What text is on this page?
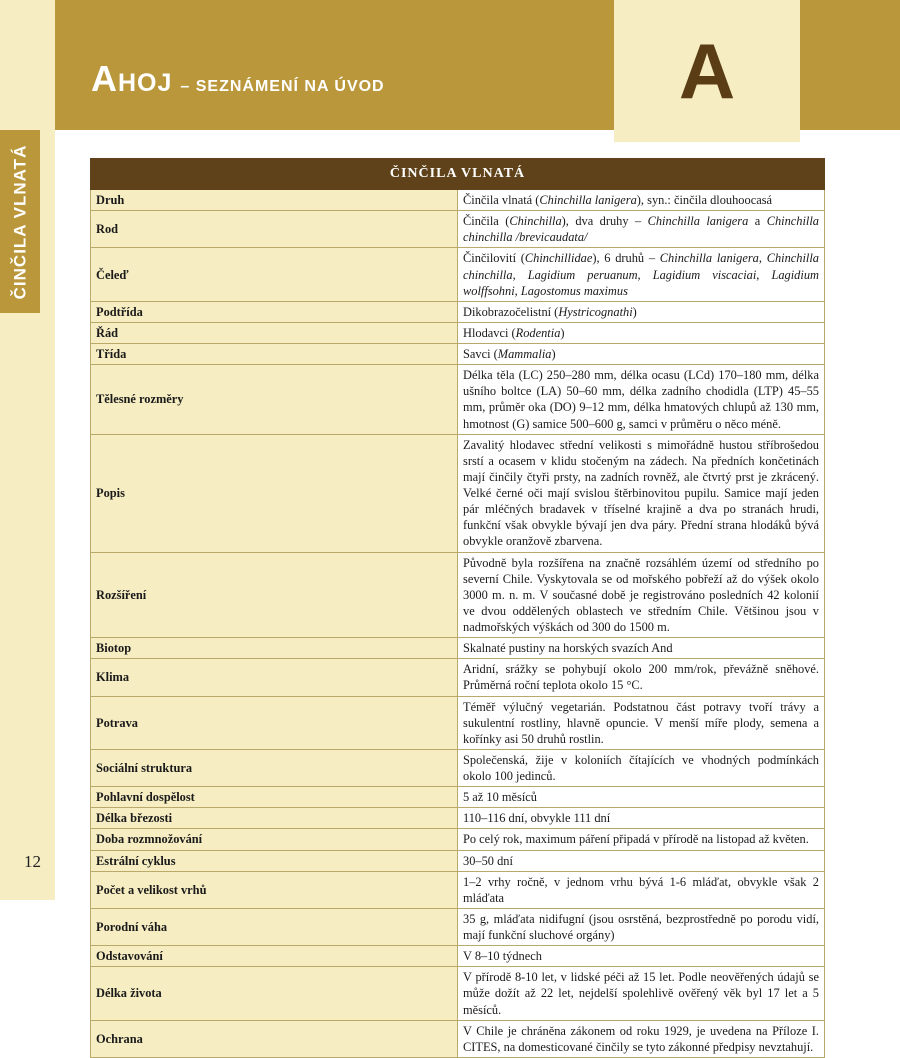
ČINČILA VLNATÁ
Ahoj – SEZNÁMENÍ NA ÚVOD	A
ČINČILA VLNATÁ	
Druh	Činčila vlnatá (Chinchilla lanigera), syn.: činčila dlouhoocasá
Rod	Činčila (Chinchilla), dva druhy – Chinchilla lanigera a Chinchilla chinchilla /brevicaudata/
Čeleď	Činčilovití (Chinchillidae), 6 druhů – Chinchilla lanigera, Chinchilla chinchilla, Lagidium peruanum, Lagidium viscaciai, Lagidium wolffsohni, Lagostomus maximus
Podtřída	Dikobrazočelistní (Hystricognathi)
Řád	Hlodavci (Rodentia)
Třída	Savci (Mammalia)
Tělesné rozměry	Délka těla (LC) 250–280 mm, délka ocasu (LCd) 170–180 mm, délka ušního boltce (LA) 50–60 mm, délka zadního chodidla (LTP) 45–55 mm, průměr oka (DO) 9–12 mm, délka hmatových chlupů až 130 mm, hmotnost (G) samice 500–600 g, samci v průměru o něco méně.
Popis	Zavalitý hlodavec střední velikosti s mimořádně hustou stříbrošedou srstí a ocasem v klidu stočeným na zádech. Na předních končetinách mají činčily čtyři prsty, na zadních rovněž, ale čtvrtý prst je zkrácený. Velké černé oči mají svislou štěrbinovitou pupilu. Samice mají jeden pár mléčných bradavek v tříselné krajině a dva po stranách hrudi, funkční však obvykle bývají jen dva páry. Přední strana hlodáků bývá obvykle oranžově zbarvena.
Rozšíření	Původně byla rozšířena na značně rozsáhlém území od středního po severní Chile. Vyskytovala se od mořského pobřeží až do výšek okolo 3000 m. n. m. V současné době je registrováno posledních 42 kolonií ve dvou oddělených oblastech ve středním Chile. Většinou jsou v nadmořských výškách od 300 do 1500 m.
Biotop	Skalnaté pustiny na horských svazích And
Klima	Aridní, srážky se pohybují okolo 200 mm/rok, převážně sněhové. Průměrná roční teplota okolo 15 °C.
Potrava	Téměř výlučný vegetarián. Podstatnou část potravy tvoří trávy a sukulentní rostliny, hlavně opuncie. V menší míře plody, semena a kořínky asi 50 druhů rostlin.
Sociální struktura	Společenská, žije v koloniích čítajících ve vhodných podmínkách okolo 100 jedinců.
Pohlavní dospělost	5 až 10 měsíců
Délka březosti	110–116 dní, obvykle 111 dní
Doba rozmnožování	Po celý rok, maximum páření připadá v přírodě na listopad až květen.
Estrální cyklus	30–50 dní
Počet a velikost vrhů	1–2 vrhy ročně, v jednom vrhu bývá 1-6 mláďat, obvykle však 2 mláďata
Porodní váha	35 g, mláďata nidifugní (jsou osrstěná, bezprostředně po porodu vidí, mají funkční sluchové orgány)
Odstavování	V 8–10 týdnech
Délka života	V přírodě 8-10 let, v lidské péči až 15 let. Podle neověřených údajů se může dožít až 22 let, nejdelší spolehlivě ověřený věk byl 17 let a 5 měsíců.
Ochrana	V Chile je chráněna zákonem od roku 1929, je uvedena na Příloze I. CITES, na domesticované činčily se tyto zákonné předpisy nevztahují.
12
